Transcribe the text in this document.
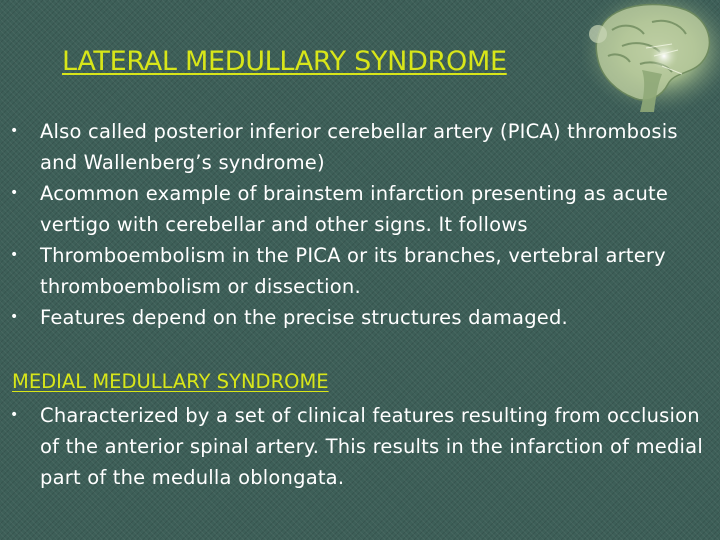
LATERAL MEDULLARY SYNDROME
• Also called posterior inferior cerebellar artery (PICA) thrombosis and Wallenberg’s syndrome)
• Acommon example of brainstem infarction presenting as acute vertigo with cerebellar and other signs. It follows
• Thromboembolism in the PICA or its branches, vertebral artery thromboembolism or dissection.
• Features depend on the precise structures damaged.
MEDIAL MEDULLARY SYNDROME
• Characterized by a set of clinical features resulting from occlusion of the anterior spinal artery. This results in the infarction of medial part of the medulla oblongata.
